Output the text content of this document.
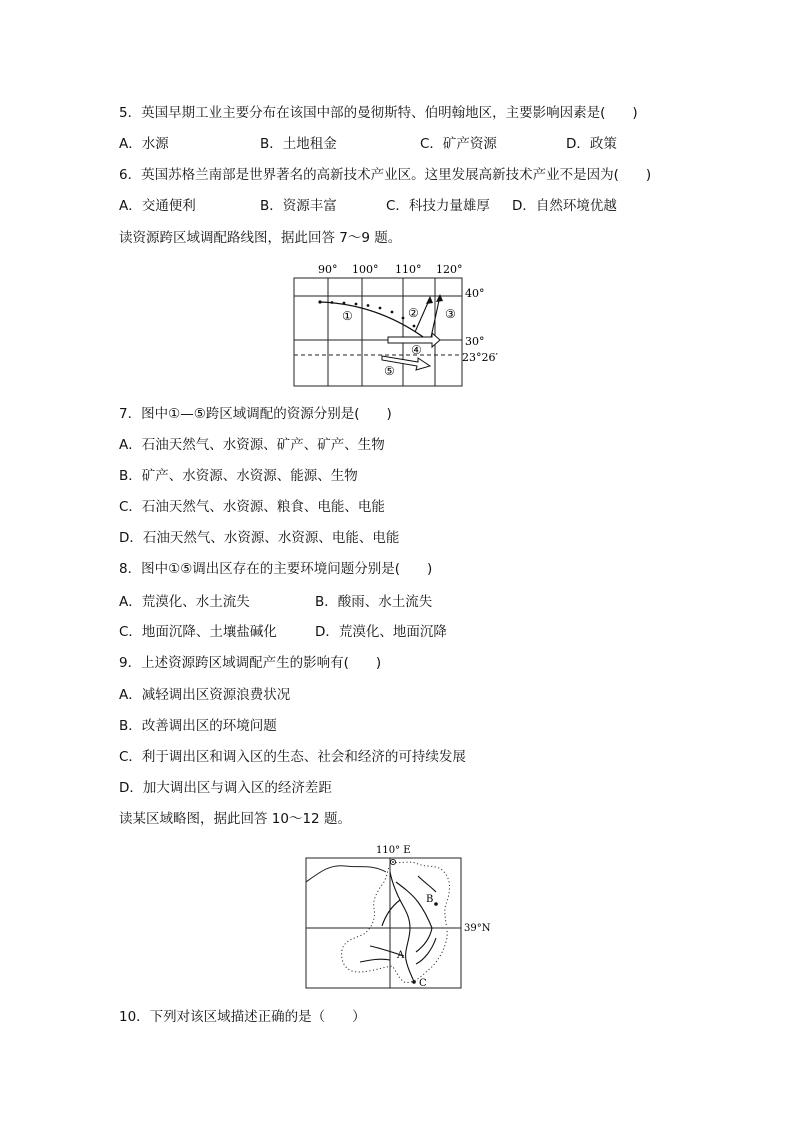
5．英国早期工业主要分布在该国中部的曼彻斯特、伯明翰地区，主要影响因素是(　　)
A．水源	B．土地租金	C．矿产资源	D．政策
6．英国苏格兰南部是世界著名的高新技术产业区。这里发展高新技术产业不是因为(　　)
A．交通便利	B．资源丰富	C．科技力量雄厚 D．自然环境优越
读资源跨区域调配路线图，据此回答 7～9 题。
90° 100° 110° 120°
40°
30°
23°26′
①	② ③
④
⑤
7．图中①—⑤跨区域调配的资源分别是(　　)
A．石油天然气、水资源、矿产、矿产、生物
B．矿产、水资源、水资源、能源、生物
C．石油天然气、水资源、粮食、电能、电能
D．石油天然气、水资源、水资源、电能、电能
8．图中①⑤调出区存在的主要环境问题分别是(　　)
A．荒漠化、水土流失	B．酸雨、水土流失
C．地面沉降、土壤盐碱化	D．荒漠化、地面沉降
9．上述资源跨区域调配产生的影响有(　　)
A．减轻调出区资源浪费状况
B．改善调出区的环境问题
C．利于调出区和调入区的生态、社会和经济的可持续发展
D．加大调出区与调入区的经济差距
读某区域略图，据此回答 10～12 题。
110° E
39°N
A
B
C
10．下列对该区域描述正确的是（　　）
